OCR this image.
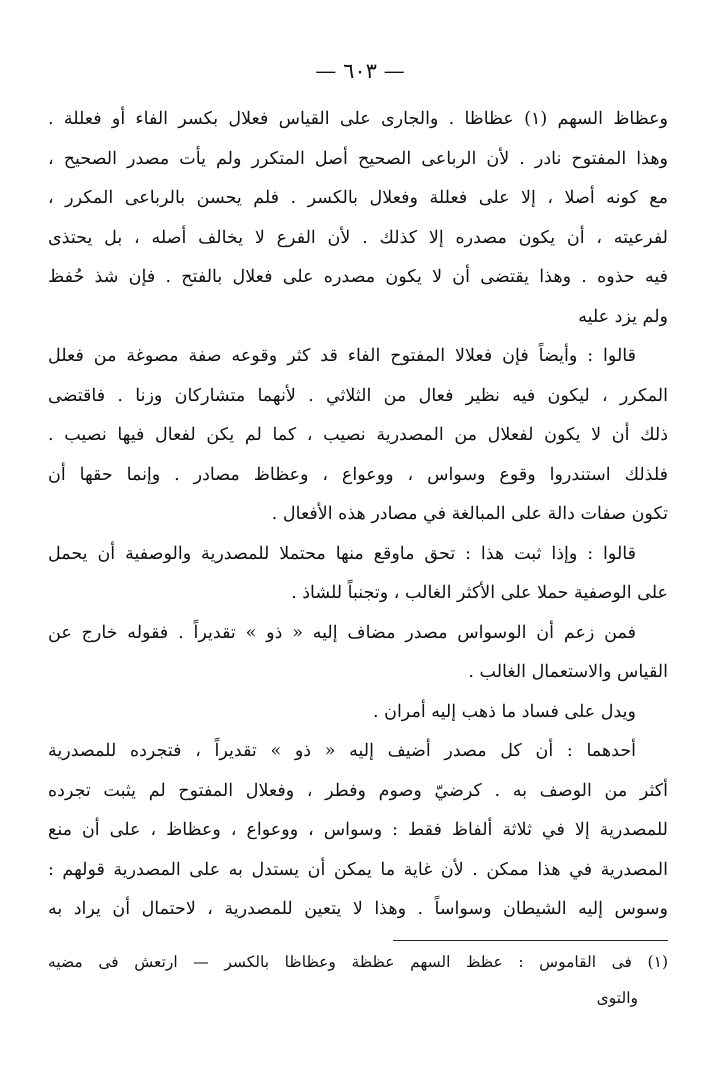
— ٦٠٣ —
وعظاظ السهم (١) عظاظا . والجارى على القياس فعلال بكسر الفاء أو فعللة .
وهذا المفتوح نادر . لأن الرباعى الصحيح أصل المتكرر ولم يأت مصدر الصحيح ،
مع كونه أصلا ، إلا على فعللة وفعلال بالكسر . فلم يحسن بالرباعى المكرر ،
لفرعيته ، أن يكون مصدره إلا كذلك . لأن الفرع لا يخالف أصله ، بل يحتذى
فيه حذوه . وهذا يقتضى أن لا يكون مصدره على فعلال بالفتح . فإن شذ حُفظ
ولم يزد عليه
قالوا : وأيضاً فإن فعلالا المفتوح الفاء قد كثر وقوعه صفة مصوغة من فعلل
المكرر ، ليكون فيه نظير فعال من الثلاثي . لأنهما متشاركان وزنا . فاقتضى
ذلك أن لا يكون لفعلال من المصدرية نصيب ، كما لم يكن لفعال فيها نصيب .
فلذلك استندروا وقوع وسواس ، ووعواع ، وعظاظ مصادر . وإنما حقها أن
تكون صفات دالة على المبالغة في مصادر هذه الأفعال .
قالوا : وإذا ثبت هذا : تحق ماوقع منها محتملا للمصدرية والوصفية أن يحمل
على الوصفية حملا على الأكثر الغالب ، وتجنباً للشاذ .
فمن زعم أن الوسواس مصدر مضاف إليه « ذو » تقديراً . فقوله خارج عن
القياس والاستعمال الغالب .
ويدل على فساد ما ذهب إليه أمران .
أحدهما : أن كل مصدر أضيف إليه « ذو » تقديراً ، فتجرده للمصدرية
أكثر من الوصف به . كرضيّ وصوم وفطر ، وفعلال المفتوح لم يثبت تجرده
للمصدرية إلا في ثلاثة ألفاظ فقط : وسواس ، ووعواع ، وعظاظ ، على أن منع
المصدرية في هذا ممكن . لأن غاية ما يمكن أن يستدل به على المصدرية قولهم :
وسوس إليه الشيطان وسواساً . وهذا لا يتعين للمصدرية ، لاحتمال أن يراد به
(١) فى القاموس : عظظ السهم عظظة وعظاظا بالكسر — ارتعش فى مضيه
والتوى
